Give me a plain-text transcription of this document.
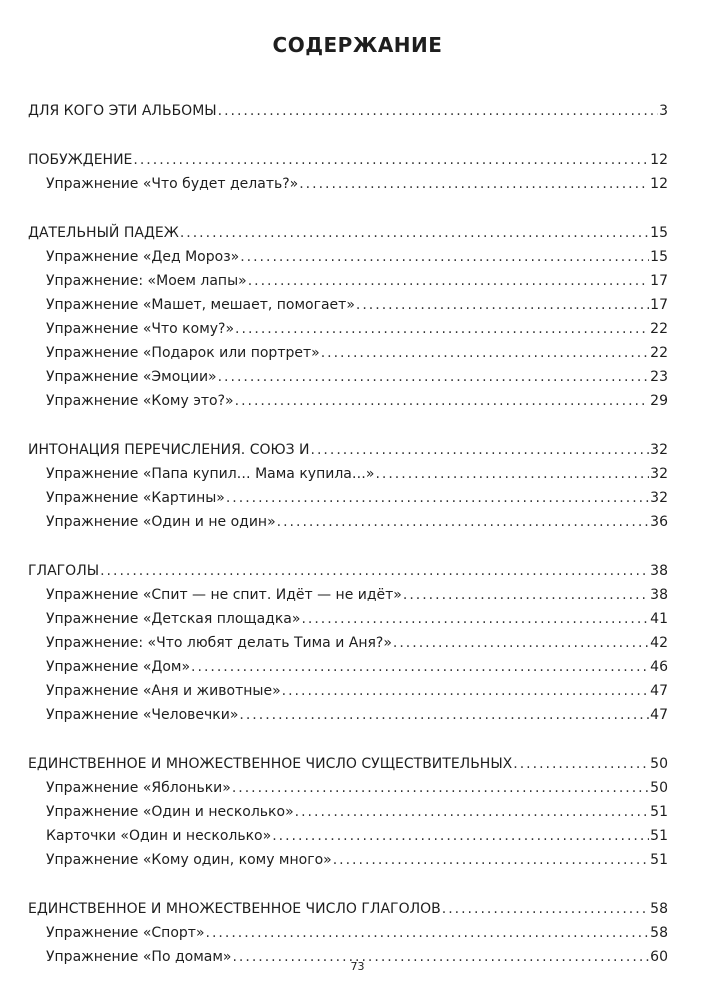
СОДЕРЖАНИЕ
ДЛЯ КОГО ЭТИ АЛЬБОМЫ .....	3
ПОБУЖДЕНИЕ .....	12
Упражнение «Что будет делать?» .....	12
ДАТЕЛЬНЫЙ ПАДЕЖ .....	15
Упражнение «Дед Мороз» .....	15
Упражнение: «Моем лапы» .....	17
Упражнение «Машет, мешает, помогает» .....	17
Упражнение «Что кому?» .....	22
Упражнение «Подарок или портрет» .....	22
Упражнение «Эмоции» .....	23
Упражнение «Кому это?» .....	29
ИНТОНАЦИЯ ПЕРЕЧИСЛЕНИЯ. СОЮЗ И .....	32
Упражнение «Папа купил… Мама купила…» .....	32
Упражнение «Картины» .....	32
Упражнение «Один и не один» .....	36
ГЛАГОЛЫ .....	38
Упражнение «Спит — не спит. Идёт — не идёт» .....	38
Упражнение «Детская площадка» .....	41
Упражнение: «Что любят делать Тима и Аня?» .....	42
Упражнение «Дом» .....	46
Упражнение «Аня и животные» .....	47
Упражнение «Человечки» .....	47
ЕДИНСТВЕННОЕ И МНОЖЕСТВЕННОЕ ЧИСЛО СУЩЕСТВИТЕЛЬНЫХ .....	50
Упражнение «Яблоньки» .....	50
Упражнение «Один и несколько» .....	51
Карточки «Один и несколько» .....	51
Упражнение «Кому один, кому много» .....	51
ЕДИНСТВЕННОЕ И МНОЖЕСТВЕННОЕ ЧИСЛО ГЛАГОЛОВ .....	58
Упражнение «Спорт» .....	58
Упражнение «По домам» .....	60
73
